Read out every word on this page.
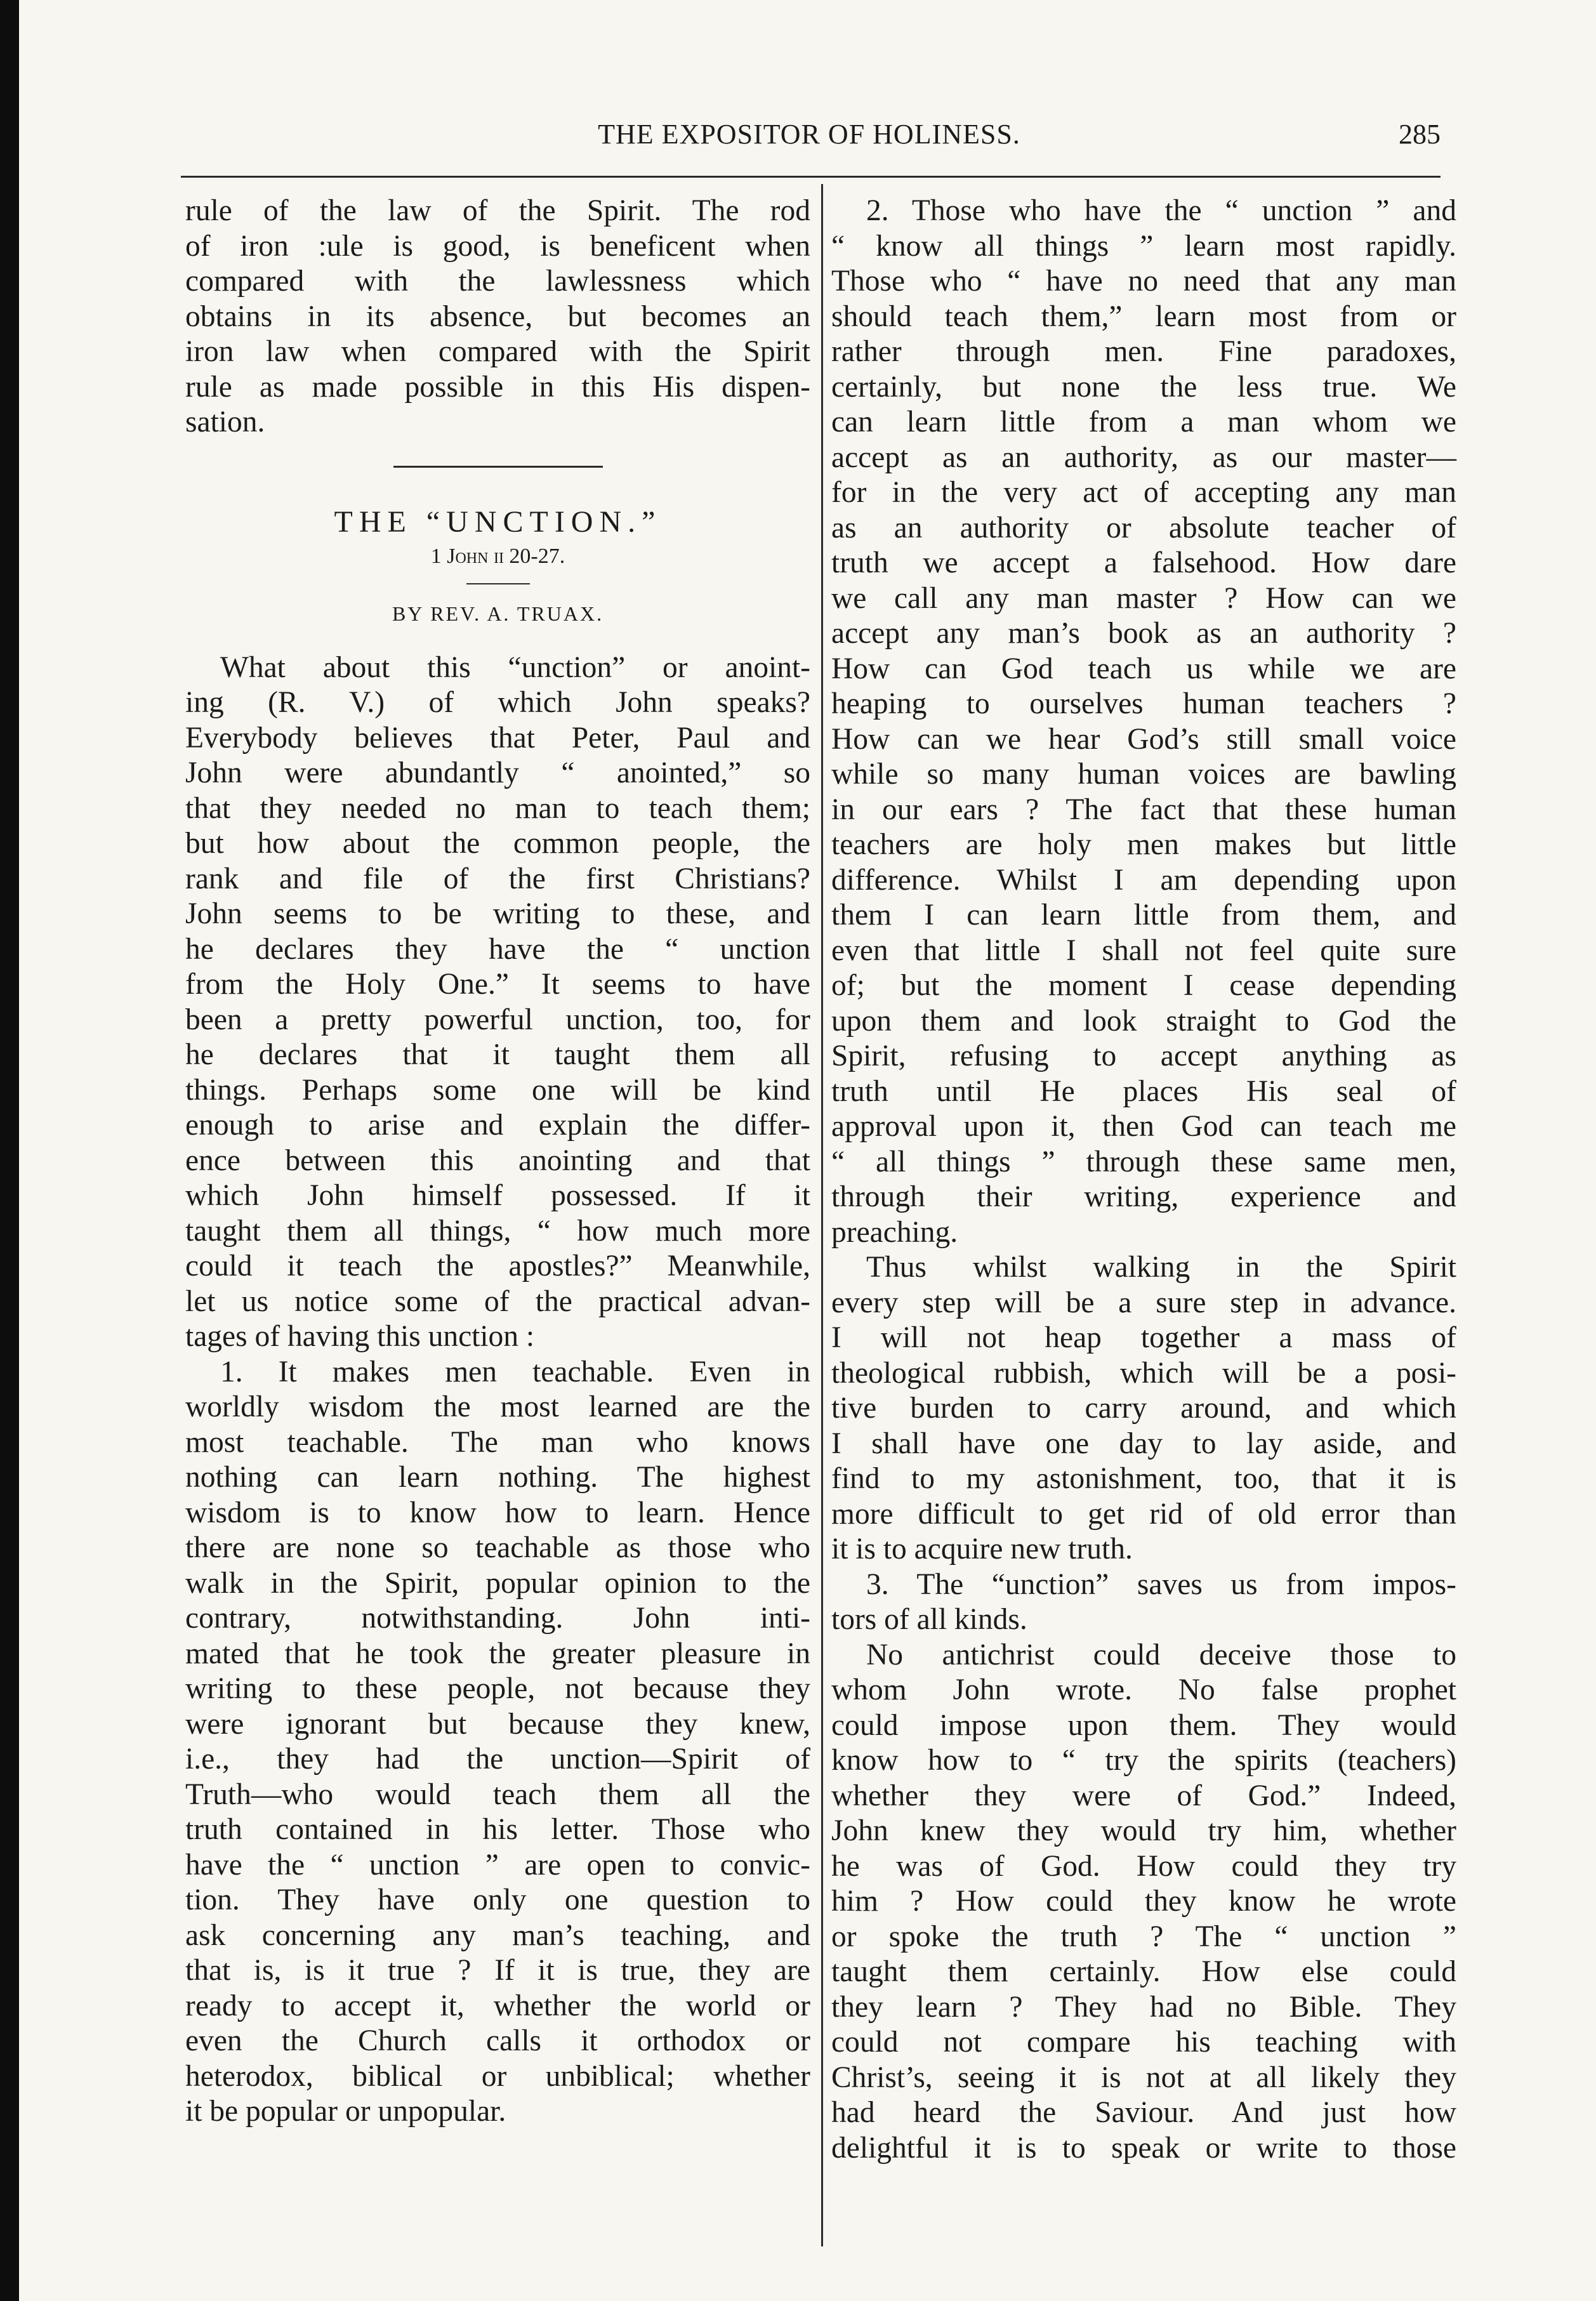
THE EXPOSITOR OF HOLINESS.	285
rule of the law of the Spirit. The rod
of iron :ule is good, is beneficent when
compared with the lawlessness which
obtains in its absence, but becomes an
iron law when compared with the Spirit
rule as made possible in this His dispen-
sation.
THE “UNCTION.”
1 John ii 20-27.
BY REV. A. TRUAX.
What about this “unction” or anoint-
ing (R. V.) of which John speaks?
Everybody believes that Peter, Paul and
John were abundantly “ anointed,” so
that they needed no man to teach them;
but how about the common people, the
rank and file of the first Christians?
John seems to be writing to these, and
he declares they have the “ unction
from the Holy One.” It seems to have
been a pretty powerful unction, too, for
he declares that it taught them all
things. Perhaps some one will be kind
enough to arise and explain the differ-
ence between this anointing and that
which John himself possessed. If it
taught them all things, “ how much more
could it teach the apostles?” Meanwhile,
let us notice some of the practical advan-
tages of having this unction :
1. It makes men teachable. Even in
worldly wisdom the most learned are the
most teachable. The man who knows
nothing can learn nothing. The highest
wisdom is to know how to learn. Hence
there are none so teachable as those who
walk in the Spirit, popular opinion to the
contrary, notwithstanding. John inti-
mated that he took the greater pleasure in
writing to these people, not because they
were ignorant but because they knew,
i.e., they had the unction—Spirit of
Truth—who would teach them all the
truth contained in his letter. Those who
have the “ unction ” are open to convic-
tion. They have only one question to
ask concerning any man’s teaching, and
that is, is it true ? If it is true, they are
ready to accept it, whether the world or
even the Church calls it orthodox or
heterodox, biblical or unbiblical; whether
it be popular or unpopular.
2. Those who have the “ unction ” and
“ know all things ” learn most rapidly.
Those who “ have no need that any man
should teach them,” learn most from or
rather through men. Fine paradoxes,
certainly, but none the less true. We
can learn little from a man whom we
accept as an authority, as our master—
for in the very act of accepting any man
as an authority or absolute teacher of
truth we accept a falsehood. How dare
we call any man master ? How can we
accept any man’s book as an authority ?
How can God teach us while we are
heaping to ourselves human teachers ?
How can we hear God’s still small voice
while so many human voices are bawling
in our ears ? The fact that these human
teachers are holy men makes but little
difference. Whilst I am depending upon
them I can learn little from them, and
even that little I shall not feel quite sure
of; but the moment I cease depending
upon them and look straight to God the
Spirit, refusing to accept anything as
truth until He places His seal of
approval upon it, then God can teach me
“ all things ” through these same men,
through their writing, experience and
preaching.
Thus whilst walking in the Spirit
every step will be a sure step in advance.
I will not heap together a mass of
theological rubbish, which will be a posi-
tive burden to carry around, and which
I shall have one day to lay aside, and
find to my astonishment, too, that it is
more difficult to get rid of old error than
it is to acquire new truth.
3. The “unction” saves us from impos-
tors of all kinds.
No antichrist could deceive those to
whom John wrote. No false prophet
could impose upon them. They would
know how to “ try the spirits (teachers)
whether they were of God.” Indeed,
John knew they would try him, whether
he was of God. How could they try
him ? How could they know he wrote
or spoke the truth ? The “ unction ”
taught them certainly. How else could
they learn ? They had no Bible. They
could not compare his teaching with
Christ’s, seeing it is not at all likely they
had heard the Saviour. And just how
delightful it is to speak or write to those
